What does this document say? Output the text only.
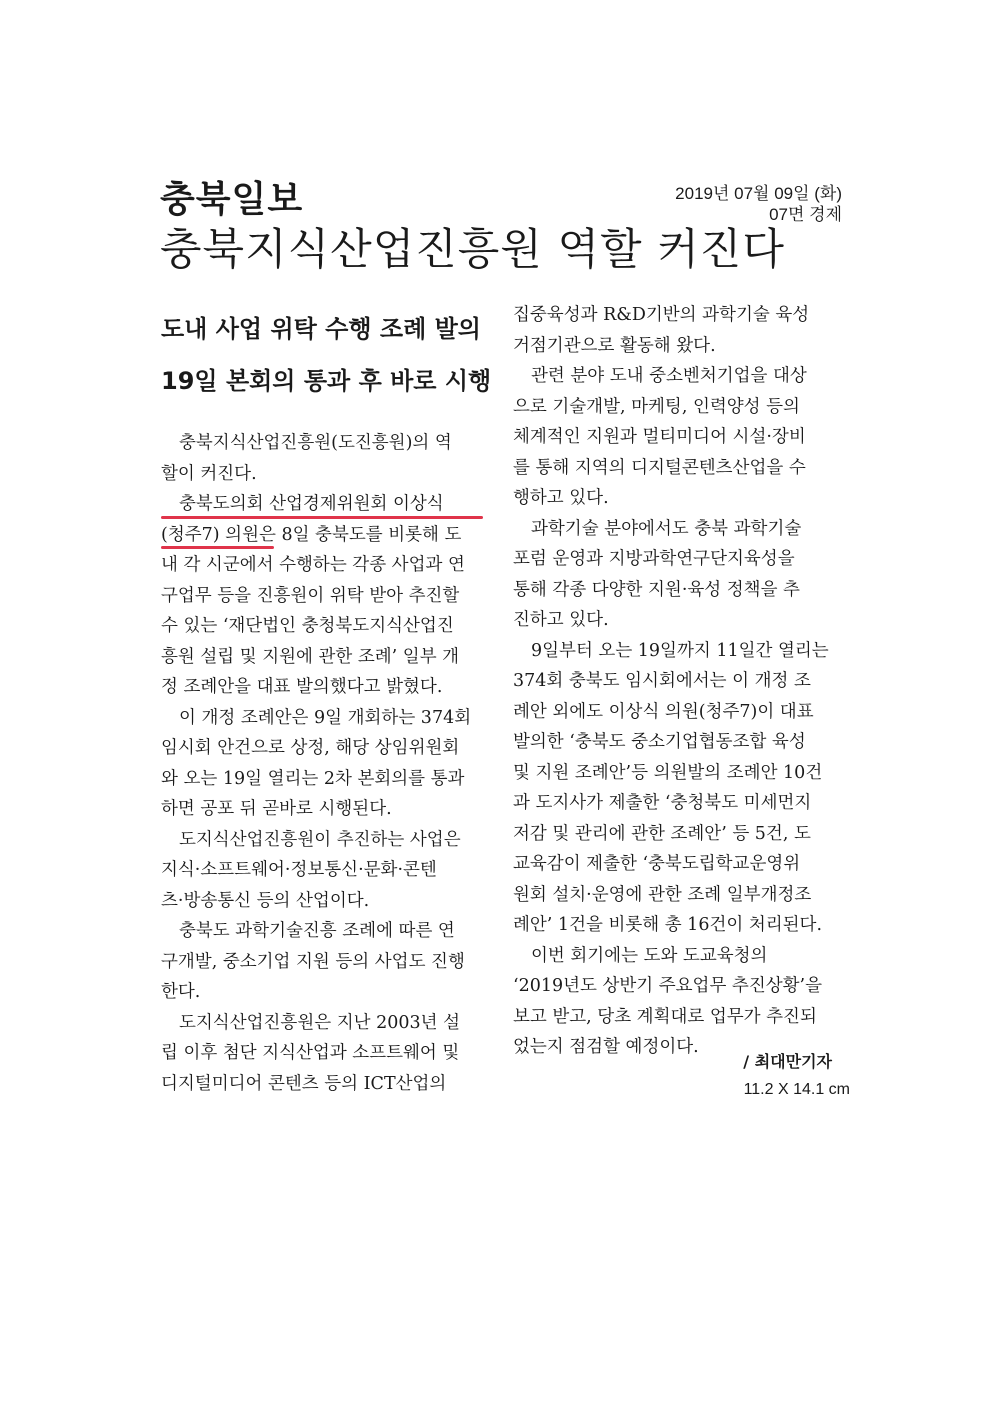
충북일보	2019년 07월 09일 (화)
07면 경제
충북지식산업진흥원 역할 커진다
도내 사업 위탁 수행 조례 발의
19일 본회의 통과 후 바로 시행
충북지식산업진흥원(도진흥원)의 역
할이 커진다.
충북도의회 산업경제위원회 이상식
(청주7) 의원은 8일 충북도를 비롯해 도
내 각 시군에서 수행하는 각종 사업과 연
구업무 등을 진흥원이 위탁 받아 추진할
수 있는 ‘재단법인 충청북도지식산업진
흥원 설립 및 지원에 관한 조례’ 일부 개
정 조례안을 대표 발의했다고 밝혔다.
이 개정 조례안은 9일 개회하는 374회
임시회 안건으로 상정, 해당 상임위원회
와 오는 19일 열리는 2차 본회의를 통과
하면 공포 뒤 곧바로 시행된다.
도지식산업진흥원이 추진하는 사업은
지식·소프트웨어·정보통신·문화·콘텐
츠·방송통신 등의 산업이다.
충북도 과학기술진흥 조례에 따른 연
구개발, 중소기업 지원 등의 사업도 진행
한다.
도지식산업진흥원은 지난 2003년 설
립 이후 첨단 지식산업과 소프트웨어 및
디지털미디어 콘텐츠 등의 ICT산업의
집중육성과 R&D기반의 과학기술 육성
거점기관으로 활동해 왔다.
관련 분야 도내 중소벤처기업을 대상
으로 기술개발, 마케팅, 인력양성 등의
체계적인 지원과 멀티미디어 시설·장비
를 통해 지역의 디지털콘텐츠산업을 수
행하고 있다.
과학기술 분야에서도 충북 과학기술
포럼 운영과 지방과학연구단지육성을
통해 각종 다양한 지원·육성 정책을 추
진하고 있다.
9일부터 오는 19일까지 11일간 열리는
374회 충북도 임시회에서는 이 개정 조
례안 외에도 이상식 의원(청주7)이 대표
발의한 ‘충북도 중소기업협동조합 육성
및 지원 조례안’등 의원발의 조례안 10건
과 도지사가 제출한 ‘충청북도 미세먼지
저감 및 관리에 관한 조례안’ 등 5건, 도
교육감이 제출한 ‘충북도립학교운영위
원회 설치·운영에 관한 조례 일부개정조
례안’ 1건을 비롯해 총 16건이 처리된다.
이번 회기에는 도와 도교육청의
‘2019년도 상반기 주요업무 추진상황’을
보고 받고, 당초 계획대로 업무가 추진되
었는지 점검할 예정이다.
/ 최대만기자
11.2 X 14.1 cm
